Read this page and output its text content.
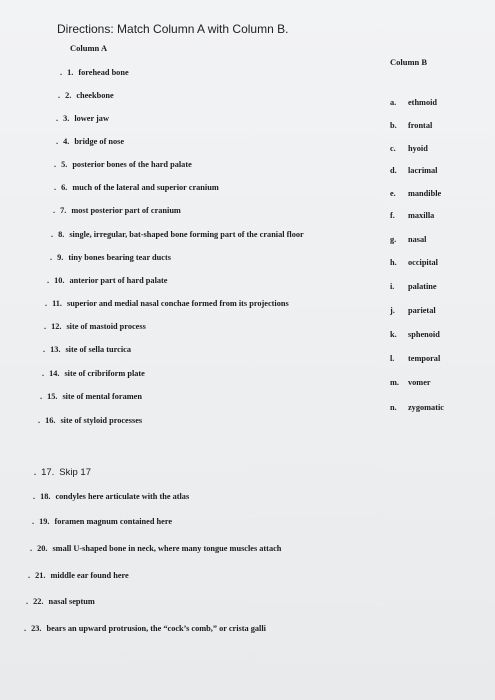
Directions: Match Column A with Column B.
Column A
Column B
. 1. forehead bone
. 2. cheekbone
. 3. lower jaw
. 4. bridge of nose
. 5. posterior bones of the hard palate
. 6. much of the lateral and superior cranium
. 7. most posterior part of cranium
. 8. single, irregular, bat-shaped bone forming part of the cranial floor
. 9. tiny bones bearing tear ducts
. 10. anterior part of hard palate
. 11. superior and medial nasal conchae formed from its projections
. 12. site of mastoid process
. 13. site of sella turcica
. 14. site of cribriform plate
. 15. site of mental foramen
. 16. site of styloid processes
. 17. Skip 17
. 18. condyles here articulate with the atlas
. 19. foramen magnum contained here
. 20. small U-shaped bone in neck, where many tongue muscles attach
. 21. middle ear found here
. 22. nasal septum
. 23. bears an upward protrusion, the “cock’s comb,” or crista galli
a. ethmoid
b. frontal
c. hyoid
d. lacrimal
e. mandible
f. maxilla
g. nasal
h. occipital
i. palatine
j. parietal
k. sphenoid
l. temporal
m. vomer
n. zygomatic
